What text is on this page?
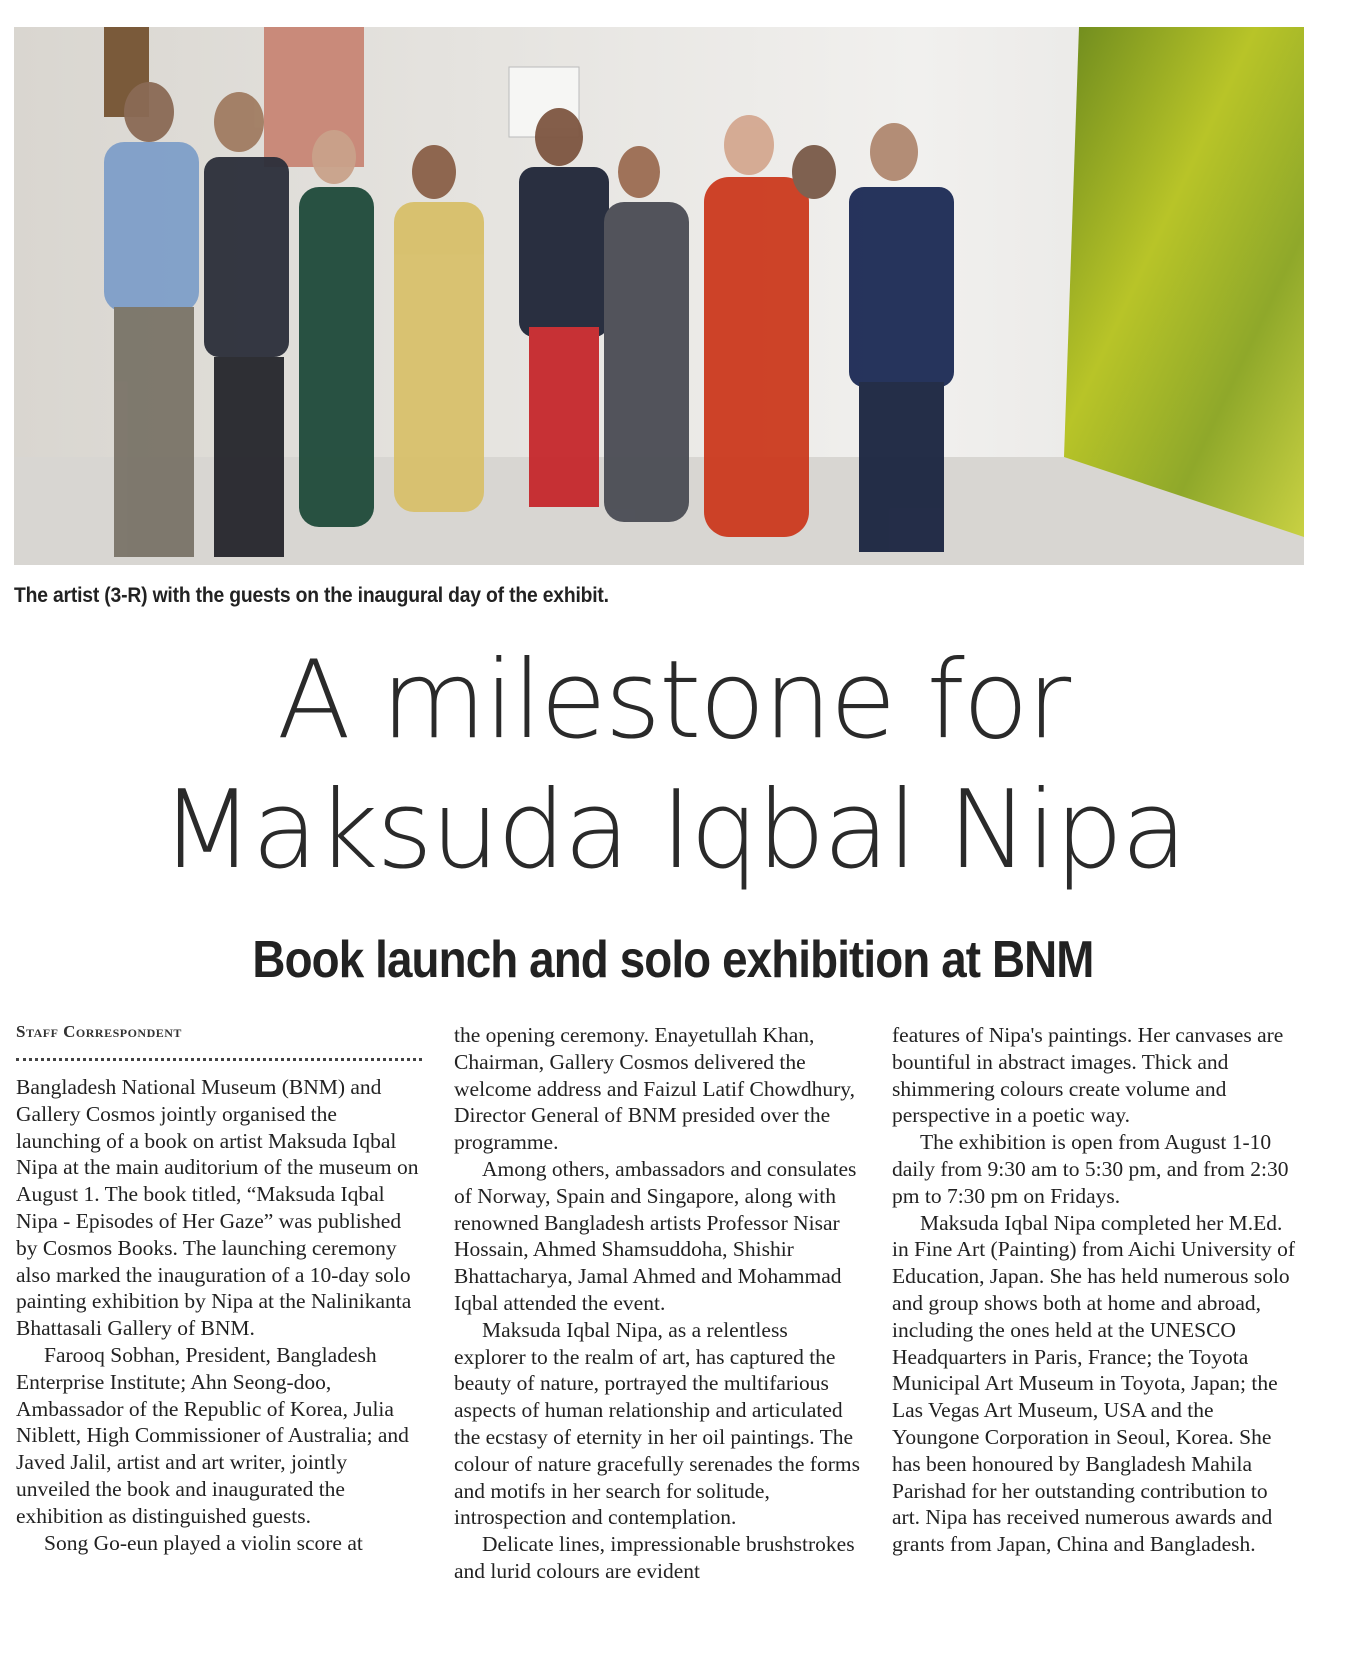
The artist (3-R) with the guests on the inaugural day of the exhibit.
A milestone for
Maksuda Iqbal Nipa
Book launch and solo exhibition at BNM
Staff Correspondent

Bangladesh National Museum (BNM) and Gallery Cosmos jointly organised the launching of a book on artist Maksuda Iqbal Nipa at the main auditorium of the museum on August 1. The book titled, “Maksuda Iqbal Nipa - Episodes of Her Gaze” was published by Cosmos Books. The launching ceremony also marked the inauguration of a 10-day solo painting exhibition by Nipa at the Nalinikanta Bhattasali Gallery of BNM.

Farooq Sobhan, President, Bangladesh Enterprise Institute; Ahn Seong-doo, Ambassador of the Republic of Korea, Julia Niblett, High Commissioner of Australia; and Javed Jalil, artist and art writer, jointly unveiled the book and inaugurated the exhibition as distinguished guests.

Song Go-eun played a violin score at

the opening ceremony. Enayetullah Khan, Chairman, Gallery Cosmos delivered the welcome address and Faizul Latif Chowdhury, Director General of BNM presided over the programme.

Among others, ambassadors and consulates of Norway, Spain and Singapore, along with renowned Bangladesh artists Professor Nisar Hossain, Ahmed Shamsuddoha, Shishir Bhattacharya, Jamal Ahmed and Mohammad Iqbal attended the event.

Maksuda Iqbal Nipa, as a relentless explorer to the realm of art, has captured the beauty of nature, portrayed the multifarious aspects of human relationship and articulated the ecstasy of eternity in her oil paintings. The colour of nature gracefully serenades the forms and motifs in her search for solitude, introspection and contemplation.

Delicate lines, impressionable brushstrokes and lurid colours are evident

features of Nipa's paintings. Her canvases are bountiful in abstract images. Thick and shimmering colours create volume and perspective in a poetic way.

The exhibition is open from August 1-10 daily from 9:30 am to 5:30 pm, and from 2:30 pm to 7:30 pm on Fridays.

Maksuda Iqbal Nipa completed her M.Ed. in Fine Art (Painting) from Aichi University of Education, Japan. She has held numerous solo and group shows both at home and abroad, including the ones held at the UNESCO Headquarters in Paris, France; the Toyota Municipal Art Museum in Toyota, Japan; the Las Vegas Art Museum, USA and the Youngone Corporation in Seoul, Korea. She has been honoured by Bangladesh Mahila Parishad for her outstanding contribution to art. Nipa has received numerous awards and grants from Japan, China and Bangladesh.
